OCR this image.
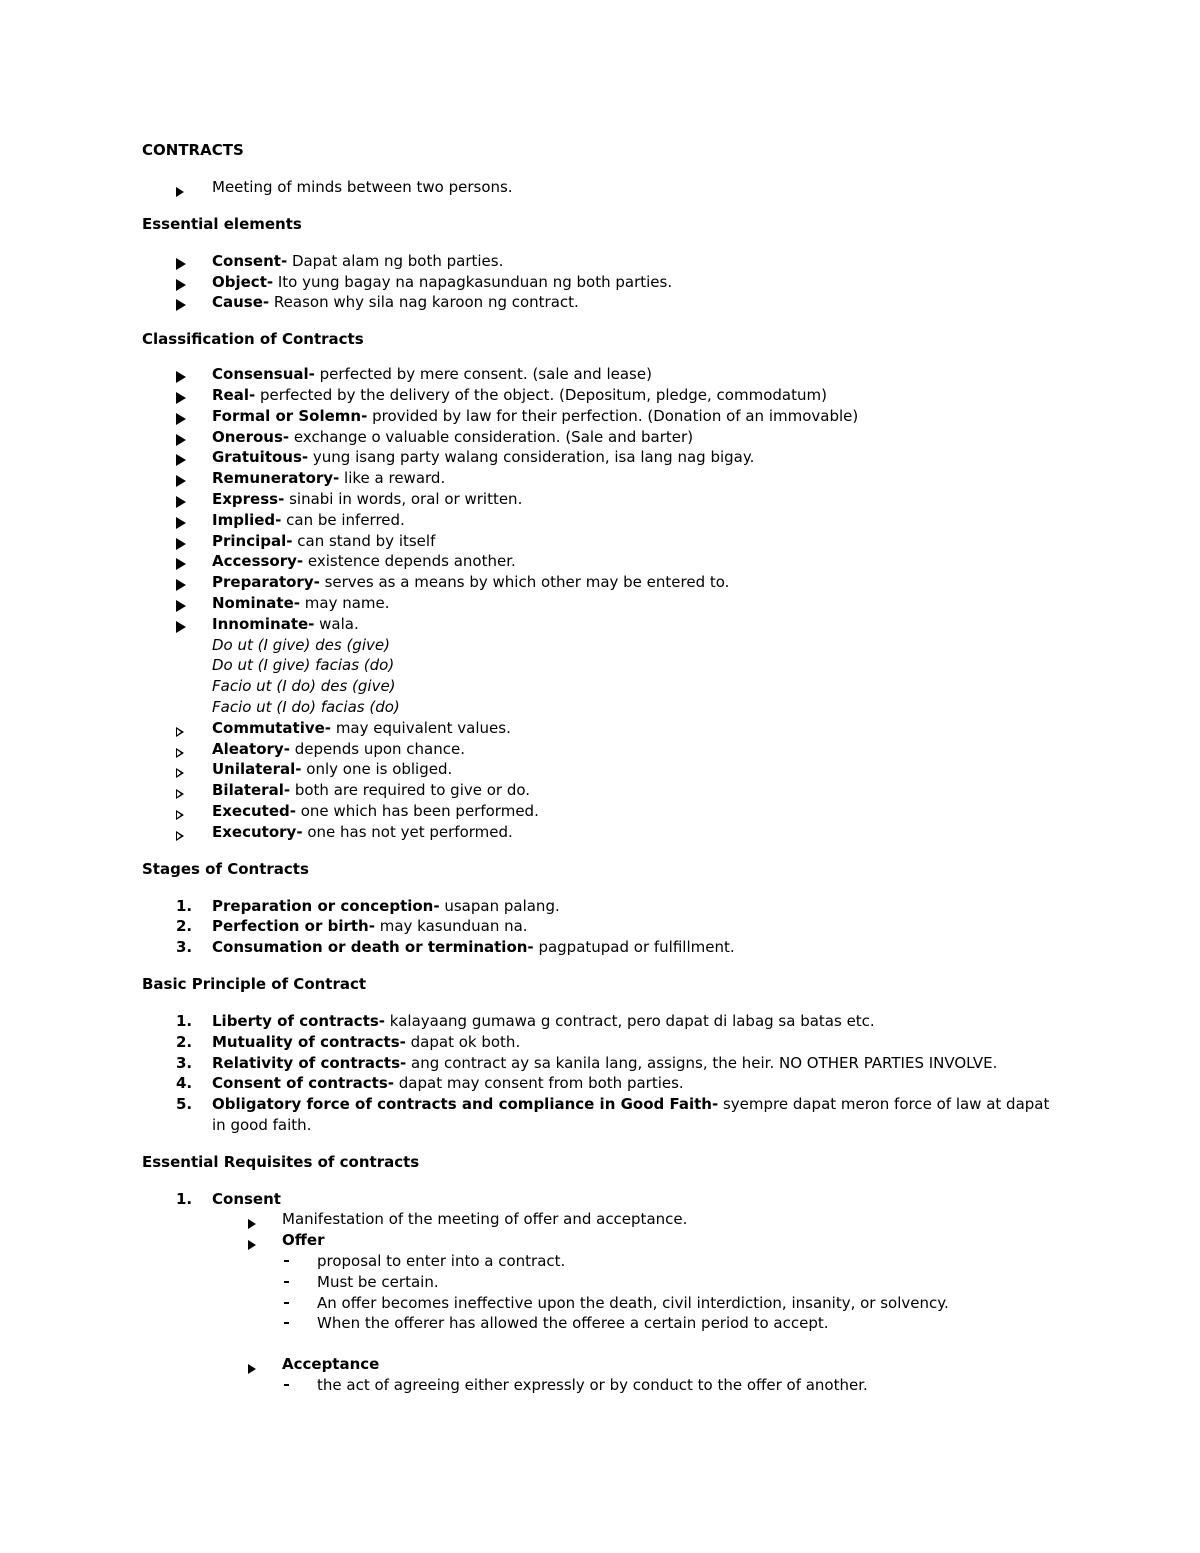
CONTRACTS
Meeting of minds between two persons.
Essential elements
Consent- Dapat alam ng both parties.
Object- Ito yung bagay na napagkasunduan ng both parties.
Cause- Reason why sila nag karoon ng contract.
Classification of Contracts
Consensual- perfected by mere consent. (sale and lease)
Real- perfected by the delivery of the object. (Depositum, pledge, commodatum)
Formal or Solemn- provided by law for their perfection. (Donation of an immovable)
Onerous- exchange o valuable consideration. (Sale and barter)
Gratuitous- yung isang party walang consideration, isa lang nag bigay.
Remuneratory- like a reward.
Express- sinabi in words, oral or written.
Implied- can be inferred.
Principal- can stand by itself
Accessory- existence depends another.
Preparatory- serves as a means by which other may be entered to.
Nominate- may name.
Innominate- wala.
Do ut (I give) des (give)
Do ut (I give) facias (do)
Facio ut (I do) des (give)
Facio ut (I do) facias (do)
Commutative- may equivalent values.
Aleatory- depends upon chance.
Unilateral- only one is obliged.
Bilateral- both are required to give or do.
Executed- one which has been performed.
Executory- one has not yet performed.
Stages of Contracts
1.	Preparation or conception- usapan palang.
2.	Perfection or birth- may kasunduan na.
3.	Consumation or death or termination- pagpatupad or fulfillment.
Basic Principle of Contract
1.	Liberty of contracts- kalayaang gumawa g contract, pero dapat di labag sa batas etc.
2.	Mutuality of contracts- dapat ok both.
3.	Relativity of contracts- ang contract ay sa kanila lang, assigns, the heir. NO OTHER PARTIES INVOLVE.
4.	Consent of contracts- dapat may consent from both parties.
5.	Obligatory force of contracts and compliance in Good Faith- syempre dapat meron force of law at dapat in good faith.
Essential Requisites of contracts
1.	Consent
Manifestation of the meeting of offer and acceptance.
Offer
proposal to enter into a contract.
Must be certain.
An offer becomes ineffective upon the death, civil interdiction, insanity, or solvency.
When the offerer has allowed the offeree a certain period to accept.
Acceptance
the act of agreeing either expressly or by conduct to the offer of another.
